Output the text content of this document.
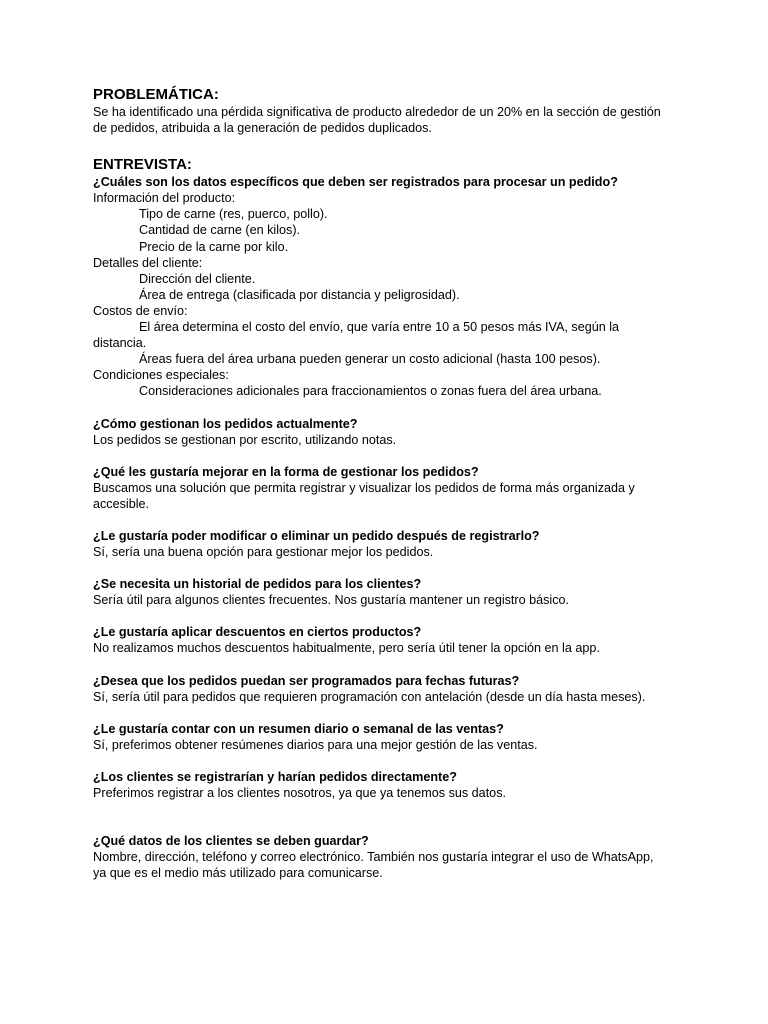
PROBLEMÁTICA:

Se ha identificado una pérdida significativa de producto alrededor de un 20% en la sección de gestión

de pedidos, atribuida a la generación de pedidos duplicados.

ENTREVISTA:

¿Cuáles son los datos específicos que deben ser registrados para procesar un pedido?

Información del producto:

Tipo de carne (res, puerco, pollo).

Cantidad de carne (en kilos).

Precio de la carne por kilo.

Detalles del cliente:

Dirección del cliente.

Área de entrega (clasificada por distancia y peligrosidad).

Costos de envío:

El área determina el costo del envío, que varía entre 10 a 50 pesos más IVA, según la

distancia.

Áreas fuera del área urbana pueden generar un costo adicional (hasta 100 pesos).

Condiciones especiales:

Consideraciones adicionales para fraccionamientos o zonas fuera del área urbana.

¿Cómo gestionan los pedidos actualmente?

Los pedidos se gestionan por escrito, utilizando notas.

¿Qué les gustaría mejorar en la forma de gestionar los pedidos?

Buscamos una solución que permita registrar y visualizar los pedidos de forma más organizada y

accesible.

¿Le gustaría poder modificar o eliminar un pedido después de registrarlo?

Sí, sería una buena opción para gestionar mejor los pedidos.

¿Se necesita un historial de pedidos para los clientes?

Sería útil para algunos clientes frecuentes. Nos gustaría mantener un registro básico.

¿Le gustaría aplicar descuentos en ciertos productos?

No realizamos muchos descuentos habitualmente, pero sería útil tener la opción en la app.

¿Desea que los pedidos puedan ser programados para fechas futuras?

Sí, sería útil para pedidos que requieren programación con antelación (desde un día hasta meses).

¿Le gustaría contar con un resumen diario o semanal de las ventas?

Sí, preferimos obtener resúmenes diarios para una mejor gestión de las ventas.

¿Los clientes se registrarían y harían pedidos directamente?

Preferimos registrar a los clientes nosotros, ya que ya tenemos sus datos.

¿Qué datos de los clientes se deben guardar?

Nombre, dirección, teléfono y correo electrónico. También nos gustaría integrar el uso de WhatsApp,

ya que es el medio más utilizado para comunicarse.
